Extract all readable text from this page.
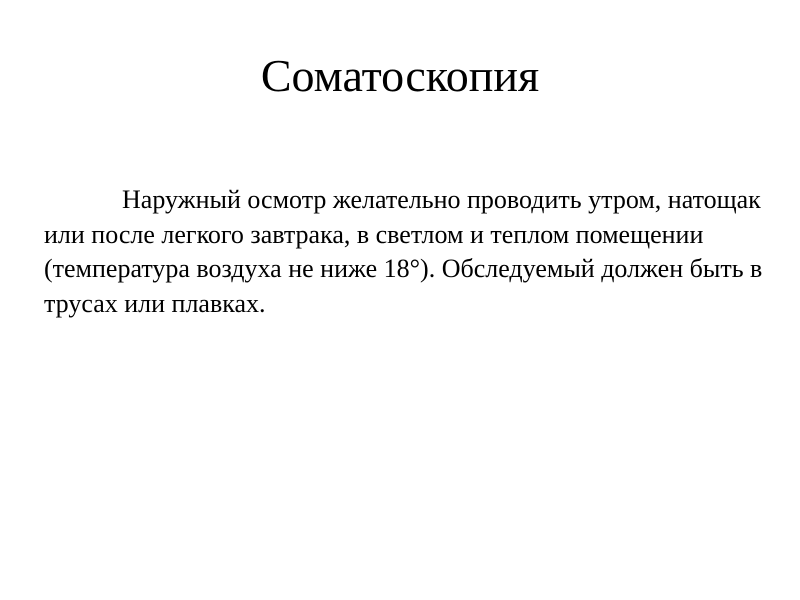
Соматоскопия

Наружный осмотр желательно проводить утром, натощак или после легкого завтрака, в светлом и теплом помещении (температура воздуха не ниже 18°). Обследуемый должен быть в трусах или плавках.
